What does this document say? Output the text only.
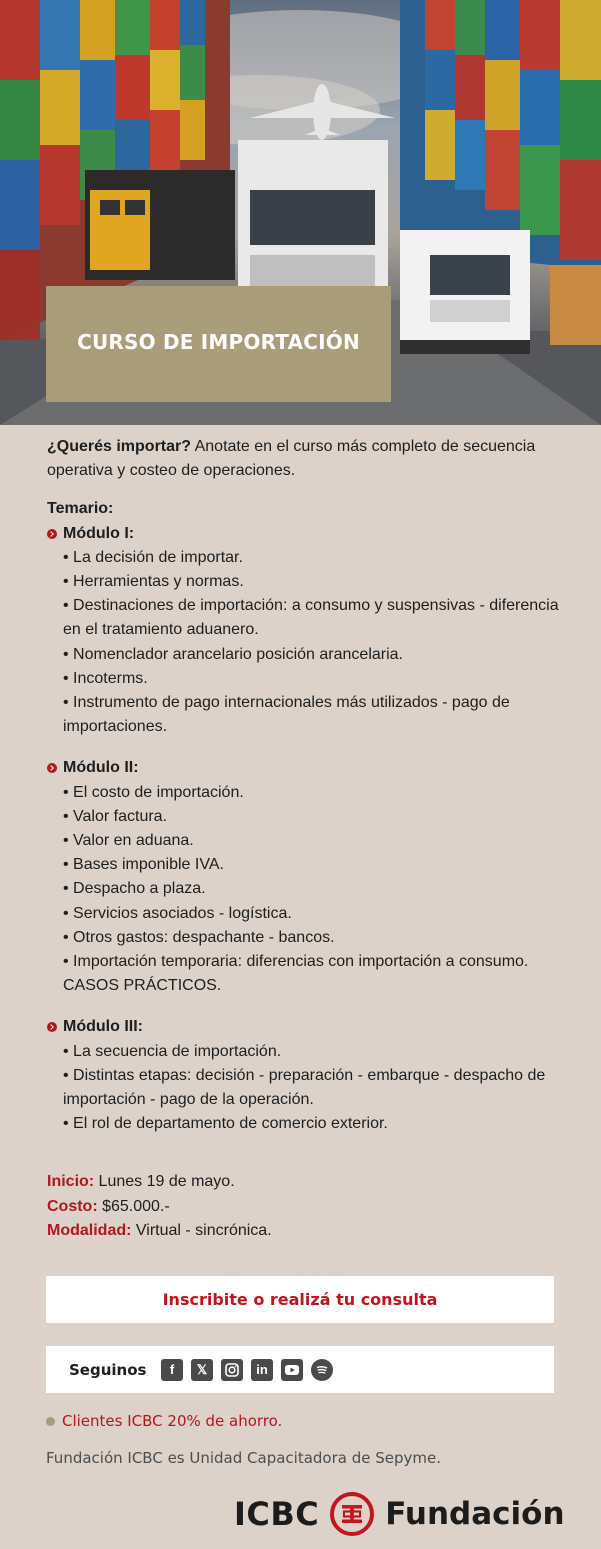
CURSO DE IMPORTACIÓN

¿Querés importar? Anotate en el curso más completo de secuencia operativa y costeo de operaciones.

Temario:

Módulo I:
• La decisión de importar.
• Herramientas y normas.
• Destinaciones de importación: a consumo y suspensivas - diferencia en el tratamiento aduanero.
• Nomenclador arancelario posición arancelaria.
• Incoterms.
• Instrumento de pago internacionales más utilizados - pago de importaciones.
Módulo II:
• El costo de importación.
• Valor factura.
• Valor en aduana.
• Bases imponible IVA.
• Despacho a plaza.
• Servicios asociados - logística.
• Otros gastos: despachante - bancos.
• Importación temporaria: diferencias con importación a consumo. CASOS PRÁCTICOS.
Módulo III:
• La secuencia de importación.
• Distintas etapas: decisión - preparación - embarque - despacho de importación - pago de la operación.
• El rol de departamento de comercio exterior.

Inicio: Lunes 19 de mayo.

Costo: $65.000.-

Modalidad: Virtual - sincrónica.

Inscribite o realizá tu consulta
Seguinos	f	𝕏	in
Clientes ICBC 20% de ahorro.
Fundación ICBC es Unidad Capacitadora de Sepyme.
ICBC Fundación
